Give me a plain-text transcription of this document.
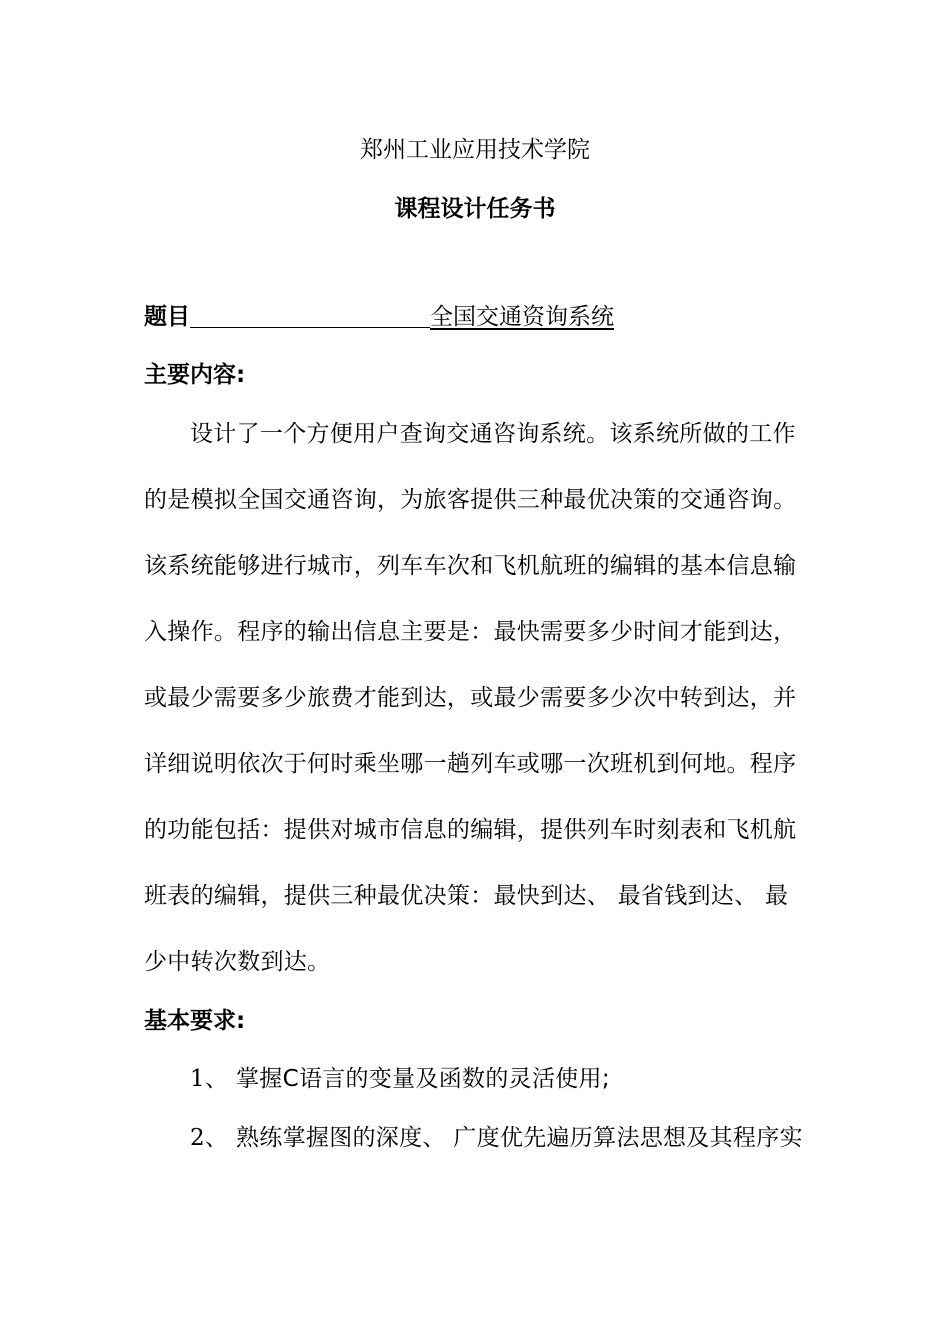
郑州工业应用技术学院
课程设计任务书
题目	全国交通资询系统
主要内容:
设计了一个方便用户查询交通咨询系统。该系统所做的工作
的是模拟全国交通咨询，为旅客提供三种最优决策的交通咨询。
该系统能够进行城市，列车车次和飞机航班的编辑的基本信息输
入操作。程序的输出信息主要是：最快需要多少时间才能到达，
或最少需要多少旅费才能到达，或最少需要多少次中转到达，并
详细说明依次于何时乘坐哪一趟列车或哪一次班机到何地。程序
的功能包括：提供对城市信息的编辑，提供列车时刻表和飞机航
班表的编辑，提供三种最优决策：最快到达、 最省钱到达、 最
少中转次数到达。
基本要求:
1、 掌握C语言的变量及函数的灵活使用;
2、 熟练掌握图的深度、 广度优先遍历算法思想及其程序实
